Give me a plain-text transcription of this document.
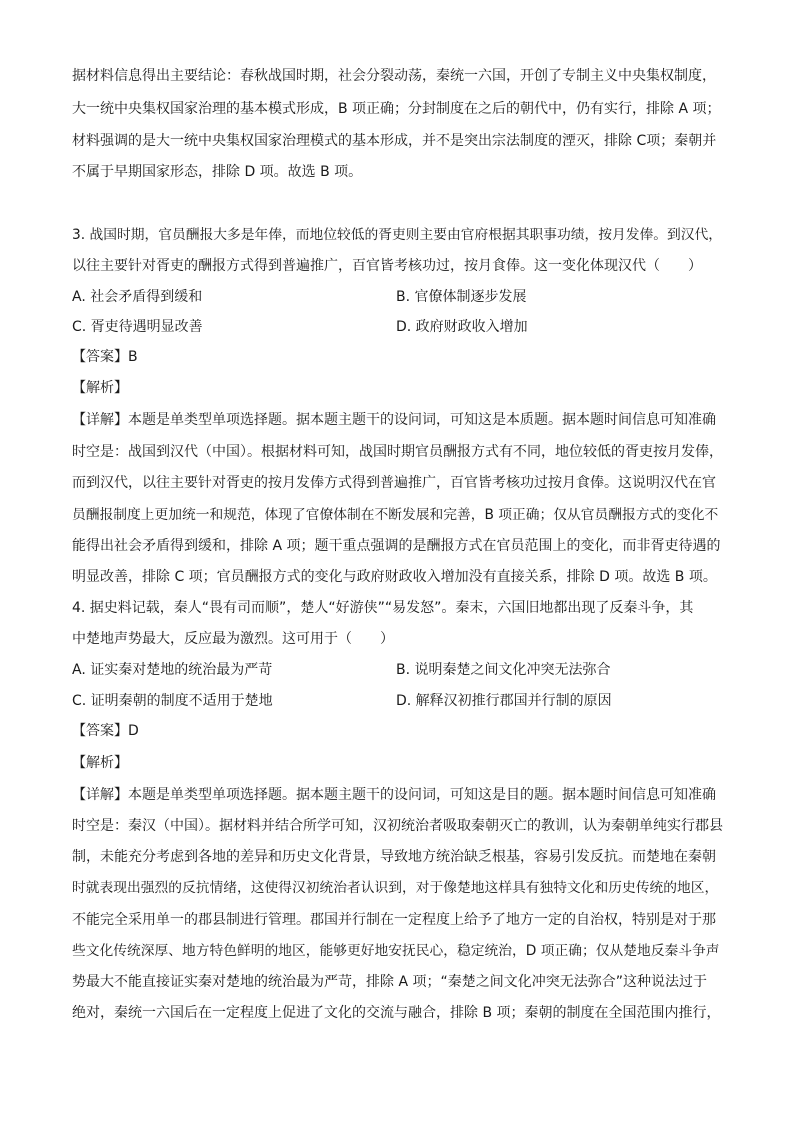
据材料信息得出主要结论：春秋战国时期，社会分裂动荡，秦统一六国，开创了专制主义中央集权制度，
大一统中央集权国家治理的基本模式形成，B 项正确；分封制度在之后的朝代中，仍有实行，排除 A 项；
材料强调的是大一统中央集权国家治理模式的基本形成，并不是突出宗法制度的湮灭，排除 C项；秦朝并
不属于早期国家形态，排除 D 项。故选 B 项。
3. 战国时期，官员酬报大多是年俸，而地位较低的胥吏则主要由官府根据其职事功绩，按月发俸。到汉代，
以往主要针对胥吏的酬报方式得到普遍推广，百官皆考核功过，按月食俸。这一变化体现汉代（　　）
A. 社会矛盾得到缓和	B. 官僚体制逐步发展
C. 胥吏待遇明显改善	D. 政府财政收入增加
【答案】B
【解析】
【详解】本题是单类型单项选择题。据本题主题干的设问词，可知这是本质题。据本题时间信息可知准确
时空是：战国到汉代（中国）。根据材料可知，战国时期官员酬报方式有不同，地位较低的胥吏按月发俸，
而到汉代，以往主要针对胥吏的按月发俸方式得到普遍推广，百官皆考核功过按月食俸。这说明汉代在官
员酬报制度上更加统一和规范，体现了官僚体制在不断发展和完善，B 项正确；仅从官员酬报方式的变化不
能得出社会矛盾得到缓和，排除 A 项；题干重点强调的是酬报方式在官员范围上的变化，而非胥吏待遇的
明显改善，排除 C 项；官员酬报方式的变化与政府财政收入增加没有直接关系，排除 D 项。故选 B 项。
4. 据史料记载，秦人“畏有司而顺”，楚人“好游侠”“易发怒”。秦末，六国旧地都出现了反秦斗争，其
中楚地声势最大，反应最为激烈。这可用于（　　）
A. 证实秦对楚地的统治最为严苛	B. 说明秦楚之间文化冲突无法弥合
C. 证明秦朝的制度不适用于楚地	D. 解释汉初推行郡国并行制的原因
【答案】D
【解析】
【详解】本题是单类型单项选择题。据本题主题干的设问词，可知这是目的题。据本题时间信息可知准确
时空是：秦汉（中国）。据材料并结合所学可知，汉初统治者吸取秦朝灭亡的教训，认为秦朝单纯实行郡县
制，未能充分考虑到各地的差异和历史文化背景，导致地方统治缺乏根基，容易引发反抗。而楚地在秦朝
时就表现出强烈的反抗情绪，这使得汉初统治者认识到，对于像楚地这样具有独特文化和历史传统的地区，
不能完全采用单一的郡县制进行管理。郡国并行制在一定程度上给予了地方一定的自治权，特别是对于那
些文化传统深厚、地方特色鲜明的地区，能够更好地安抚民心，稳定统治，D 项正确；仅从楚地反秦斗争声
势最大不能直接证实秦对楚地的统治最为严苛，排除 A 项；“秦楚之间文化冲突无法弥合”这种说法过于
绝对，秦统一六国后在一定程度上促进了文化的交流与融合，排除 B 项；秦朝的制度在全国范围内推行，
